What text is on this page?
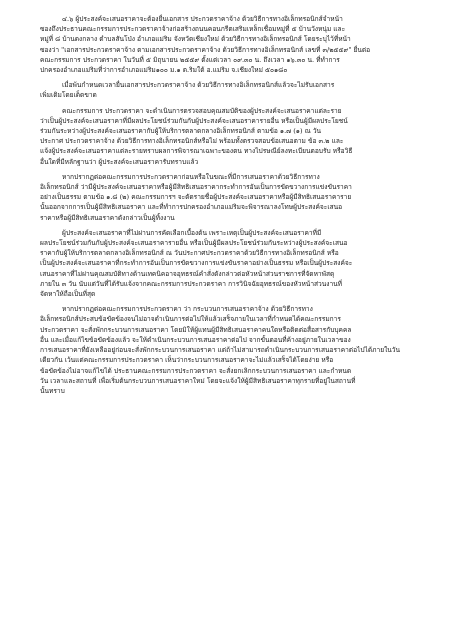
๔.๖ ผู้ประสงค์จะเสนอราคาจะต้องยื่นเอกสาร ประกวดราคาจ้าง ด้วยวิธีการทางอิเล็กทรอนิกส์จำหน้า
ซองถึงประธานคณะกรรมการประกวดราคาจ้างก่อสร้างถนนคอนกรีตเสริมเหล็กเชื่อมหมู่ที่ ๕ บ้านวังหนุ่ม และ
หมู่ที่ ๘ บ้านดงกลาง ตำบลสันโป่ง อำเภอแม่ริม จังหวัดเชียงใหม่ ด้วยวิธีการทางอิเล็กทรอนิกส์ โดยระบุไว้ที่หน้า
ซองว่า "เอกสารประกวดราคาจ้าง ตามเอกสารประกวดราคาจ้าง ด้วยวิธีการทางอิเล็กทรอนิกส์ เลขที่ ๓/๒๕๕๙" ยื่นต่อ
คณะกรรมการ ประกวดราคา ในวันที่ ๕ มิถุนายน ๒๕๕๙ ตั้งแต่เวลา ๐๙.๓๐ น. ถึงเวลา ๑๖.๓๐ น. ที่ทำการ
ปกครองอำเภอแม่ริมที่ว่าการอำเภอแม่ริม๑๐๐ ม.๑ ต.ริมใต้ อ.แม่ริม จ.เชียงใหม่ ๕๐๑๘๐
เมื่อพ้นกำหนดเวลายื่นเอกสารประกวดราคาจ้าง ด้วยวิธีการทางอิเล็กทรอนิกส์แล้วจะไม่รับเอกสาร
เพิ่มเติมโดยเด็ดขาด
คณะกรรมการ ประกวดราคา จะดำเนินการตรวจสอบคุณสมบัติของผู้ประสงค์จะเสนอราคาแต่ละราย
ว่าเป็นผู้ประสงค์จะเสนอราคาที่มีผลประโยชน์ร่วมกันกับผู้ประสงค์จะเสนอราคารายอื่น หรือเป็นผู้มีผลประโยชน์
ร่วมกันระหว่างผู้ประสงค์จะเสนอราคากับผู้ให้บริการตลาดกลางอิเล็กทรอนิกส์ ตามข้อ ๑.๗ (๑) ณ วัน
ประกาศ ประกวดราคาจ้าง ด้วยวิธีการทางอิเล็กทรอนิกส์หรือไม่ พร้อมทั้งตรวจสอบข้อเสนอตาม ข้อ ๓.๒ และ
แจ้งผู้ประสงค์จะเสนอราคาแต่ละรายทราบผลการพิจารณาเฉพาะของตน ทางไปรษณีย์ลงทะเบียนตอบรับ หรือวิธี
อื่นใดที่มีหลักฐานว่า ผู้ประสงค์จะเสนอราคารับทราบแล้ว
หากปรากฏต่อคณะกรรมการประกวดราคาก่อนหรือในขณะที่มีการเสนอราคาด้วยวิธีการทาง
อิเล็กทรอนิกส์ ว่ามีผู้ประสงค์จะเสนอราคาหรือผู้มีสิทธิเสนอราคากระทำการอันเป็นการขัดขวางการแข่งขันราคา
อย่างเป็นธรรม ตามข้อ ๑.๘ (๒) คณะกรรมการฯ จะตัดรายชื่อผู้ประสงค์จะเสนอราคาหรือผู้มีสิทธิเสนอราคาราย
นั้นออกจากการเป็นผู้มีสิทธิเสนอราคา และที่ทำการปกครองอำเภอแม่ริมจะพิจารณาลงโทษผู้ประสงค์จะเสนอ
ราคาหรือผู้มีสิทธิเสนอราคาดังกล่าวเป็นผู้ทิ้งงาน
ผู้ประสงค์จะเสนอราคาที่ไม่ผ่านการคัดเลือกเบื้องต้น เพราะเหตุเป็นผู้ประสงค์จะเสนอราคาที่มี
ผลประโยชน์ร่วมกันกับผู้ประสงค์จะเสนอราคารายอื่น หรือเป็นผู้มีผลประโยชน์ร่วมกันระหว่างผู้ประสงค์จะเสนอ
ราคากับผู้ให้บริการตลาดกลางอิเล็กทรอนิกส์ ณ วันประกาศประกวดราคาด้วยวิธีการทางอิเล็กทรอนิกส์ หรือ
เป็นผู้ประสงค์จะเสนอราคาที่กระทำการอันเป็นการขัดขวางการแข่งขันราคาอย่างเป็นธรรม หรือเป็นผู้ประสงค์จะ
เสนอราคาที่ไม่ผ่านคุณสมบัติทางด้านเทคนิคอาจอุทธรณ์คำสั่งดังกล่าวต่อหัวหน้าส่วนราชการที่จัดหาพัสดุ
ภายใน ๓ วัน นับแต่วันที่ได้รับแจ้งจากคณะกรรมการประกวดราคา การวินิจฉัยอุทธรณ์ของหัวหน้าส่วนงานที่
จัดหาให้ถือเป็นที่สุด
หากปรากฏต่อคณะกรรมการประกวดราคา ว่า กระบวนการเสนอราคาจ้าง ด้วยวิธีการทาง
อิเล็กทรอนิกส์ประสบข้อขัดข้องจนไม่อาจดำเนินการต่อไปให้แล้วเสร็จภายในเวลาที่กำหนดได้คณะกรรมการ
ประกวดราคา จะสั่งพักกระบวนการเสนอราคา โดยมิให้ผู้แทนผู้มีสิทธิเสนอราคาคนใดหรือติดต่อสื่อสารกับบุคคล
อื่น และเมื่อแก้ไขข้อขัดข้องแล้ว จะให้ดำเนินกระบวนการเสนอราคาต่อไป จากขั้นตอนที่ค้างอยู่ภายในเวลาของ
การเสนอราคาที่ยังเหลืออยู่ก่อนจะสั่งพักกระบวนการเสนอราคา แต่ถ้าไม่สามารถดำเนินกระบวนการเสนอราคาต่อไปได้ภายในวัน
เดียวกัน เว้นแต่คณะกรรมการประกวดราคา เห็นว่ากระบวนการเสนอราคาจะไม่แล้วเสร็จได้โดยง่าย หรือ
ข้อขัดข้องไม่อาจแก้ไขได้ ประธานคณะกรรมการประกวดราคา จะสั่งยกเลิกกระบวนการเสนอราคา และกำหนด
วัน เวลาและสถานที่ เพื่อเริ่มต้นกระบวนการเสนอราคาใหม่ โดยจะแจ้งให้ผู้มีสิทธิเสนอราคาทุกรายที่อยู่ในสถานที่
นั้นทราบ
